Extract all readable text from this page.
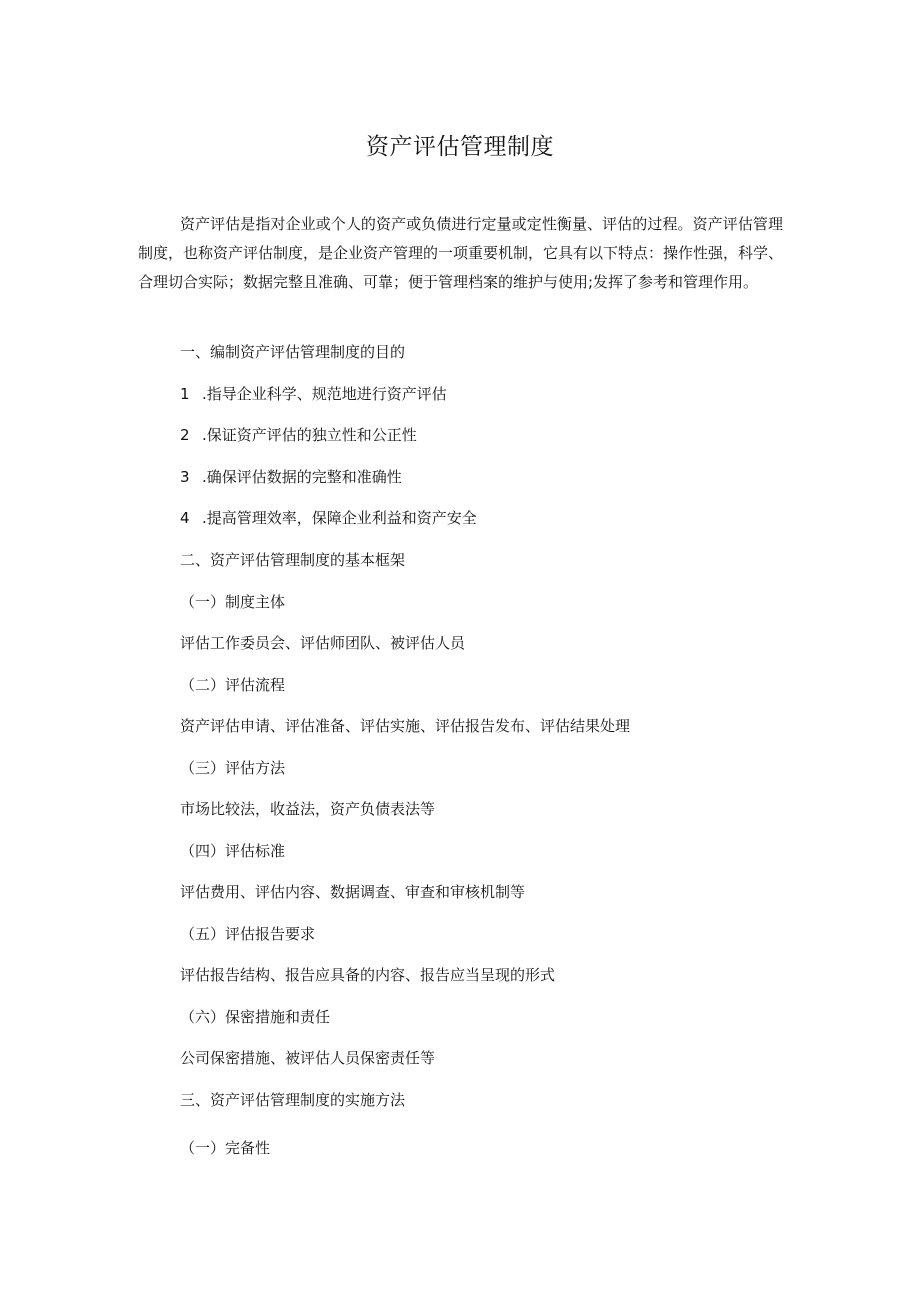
资产评估管理制度

资产评估是指对企业或个人的资产或负债进行定量或定性衡量、评估的过程。资产评估管理制度，也称资产评估制度，是企业资产管理的一项重要机制，它具有以下特点：操作性强，科学、合理切合实际；数据完整且准确、可靠；便于管理档案的维护与使用;发挥了参考和管理作用。

一、编制资产评估管理制度的目的

1 .指导企业科学、规范地进行资产评估

2 .保证资产评估的独立性和公正性

3 .确保评估数据的完整和准确性

4 .提高管理效率，保障企业利益和资产安全

二、资产评估管理制度的基本框架

（一）制度主体

评估工作委员会、评估师团队、被评估人员

（二）评估流程

资产评估申请、评估准备、评估实施、评估报告发布、评估结果处理

（三）评估方法

市场比较法，收益法，资产负债表法等

（四）评估标准

评估费用、评估内容、数据调查、审查和审核机制等

（五）评估报告要求

评估报告结构、报告应具备的内容、报告应当呈现的形式

（六）保密措施和责任

公司保密措施、被评估人员保密责任等

三、资产评估管理制度的实施方法

（一）完备性
